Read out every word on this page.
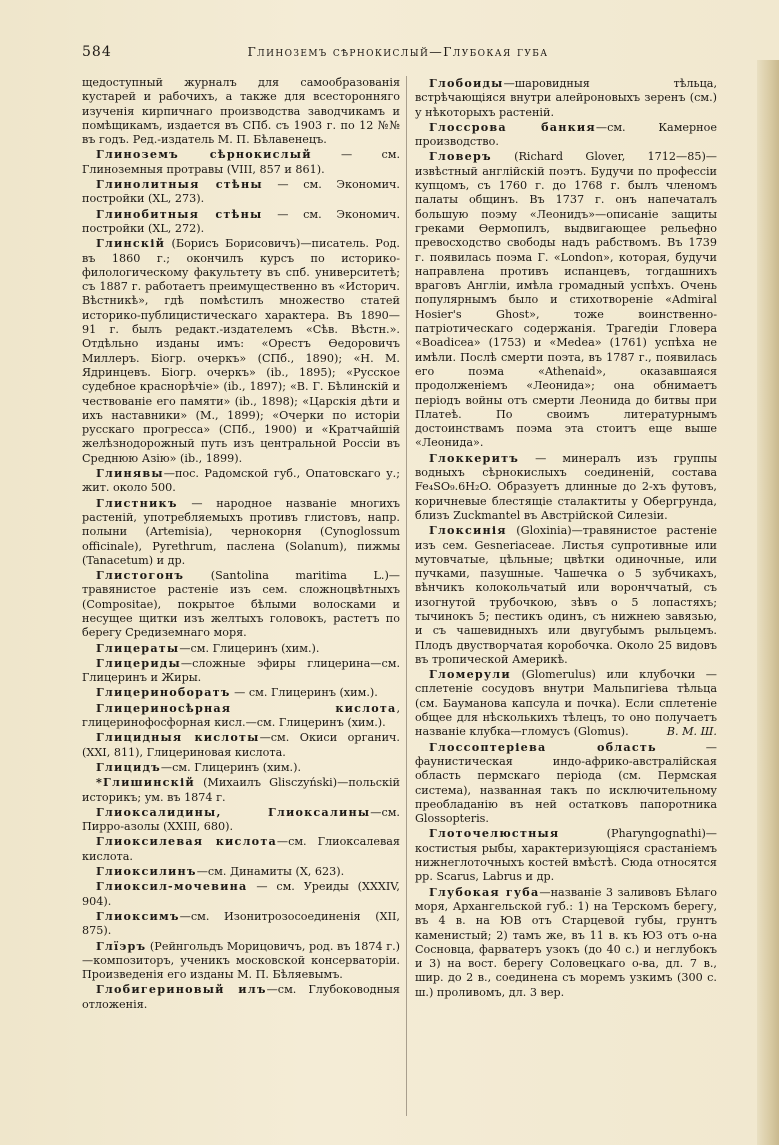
584	Глиноземъ сѣрнокислый—Глубокая губа

щедоступный журналъ для самообразованія кустарей и рабочихъ, а также для всесторонняго изученія кирпичнаго производства заводчикамъ и помѣщикамъ, издается въ СПб. съ 1903 г. по 12 №№ въ годъ. Ред.-издатель М. П. Бѣлавенецъ.

Глиноземъ сѣрнокислый — см. Глиноземныя протравы (VIII, 857 и 861).

Глинолитныя стѣны — см. Экономич. постройки (XL, 273).

Глинобитныя стѣны — см. Экономич. постройки (XL, 272).

Глинскій (Борисъ Борисовичъ)—писатель. Род. въ 1860 г.; окончилъ курсъ по историко-филологическому факультету въ спб. университетѣ; съ 1887 г. работаетъ преимущественно въ «Историч. Вѣстникѣ», гдѣ помѣстилъ множество статей историко-публицистическаго характера. Въ 1890—91 г. былъ редакт.-издателемъ «Сѣв. Вѣстн.». Отдѣльно изданы имъ: «Орестъ Ѳедоровичъ Миллеръ. Біогр. очеркъ» (СПб., 1890); «Н. М. Ядринцевъ. Біогр. очеркъ» (ib., 1895); «Русское судебное краснорѣчіе» (ib., 1897); «В. Г. Бѣлинскій и чествованіе его памяти» (ib., 1898); «Царскія дѣти и ихъ наставники» (М., 1899); «Очерки по исторіи русскаго прогресса» (СПб., 1900) и «Кратчайшій желѣзнодорожный путь изъ центральной Россіи въ Среднюю Азію» (ib., 1899).

Глинявы—пос. Радомской губ., Опатовскаго у.; жит. около 500.

Глистникъ — народное названіе многихъ растеній, употребляемыхъ противъ глистовъ, напр. полыни (Artemisia), чернокорня (Cynoglossum officinale), Pyrethrum, паслена (Solanum), пижмы (Tanacetum) и др.

Глистогонъ (Santolina maritima L.)—травянистое растеніе изъ сем. сложноцвѣтныхъ (Compositae), покрытое бѣлыми волосками и несущее щитки изъ желтыхъ головокъ, растетъ по берегу Средиземнаго моря.

Глицераты—см. Глицеринъ (хим.).

Глицериды—сложные эфиры глицерина—см. Глицеринъ и Жиры.

Глицериноборатъ — см. Глицеринъ (хим.).

Глицериносѣрная кислота, глицеринофосфорная кисл.—см. Глицеринъ (хим.).

Глицидныя кислоты—см. Окиси органич. (XXI, 811), Глицериновая кислота.

Глицидъ—см. Глицеринъ (хим.).

*Глишинскій (Михаилъ Glisczyński)—польскій историкъ; ум. въ 1874 г.

Глиоксалидины, Глиоксалины—см. Пирро-азолы (XXIII, 680).

Глиоксилевая кислота—см. Глиоксалевая кислота.

Глиоксилинъ—см. Динамиты (X, 623).

Глиоксил-мочевина — см. Уреиды (XXXIV, 904).

Глиоксимъ—см. Изонитрозосоединенія (XII, 875).

Глїэръ (Рейнгольдъ Морицовичъ, род. въ 1874 г.)—композиторъ, ученикъ московской консерваторіи. Произведенія его изданы М. П. Бѣляевымъ.

Глобигериновый илъ—см. Глубоководныя отложенія.

Глобоиды—шаровидныя тѣльца, встрѣчающіяся внутри алейроновыхъ зеренъ (см.) у нѣкоторыхъ растеній.

Глоссрова банкия—см. Камерное производство.

Гловеръ (Richard Glover, 1712—85)—извѣстный англійскій поэтъ. Будучи по профессіи купцомъ, съ 1760 г. до 1768 г. былъ членомъ палаты общинъ. Въ 1737 г. онъ напечаталъ большую поэму «Леонидъ»—описаніе защиты греками Ѳермопилъ, выдвигающее рельефно превосходство свободы надъ рабствомъ. Въ 1739 г. появилась поэма Г. «London», которая, будучи направлена противъ испанцевъ, тогдашнихъ враговъ Англіи, имѣла громадный успѣхъ. Очень популярнымъ было и стихотвореніе «Admiral Hosier's Ghost», тоже воинственно-патріотическаго содержанія. Трагедіи Гловера «Boadicea» (1753) и «Medea» (1761) успѣха не имѣли. Послѣ смерти поэта, въ 1787 г., появилась его поэма «Athenaid», оказавшаяся продолженіемъ «Леонида»; она обнимаетъ періодъ войны отъ смерти Леонида до битвы при Платеѣ. По своимъ литературнымъ достоинствамъ поэма эта стоитъ еще выше «Леонида».

Глоккеритъ — минералъ изъ группы водныхъ сѣрнокислыхъ соединеній, состава Fe₄SO₉.6H₂O. Образуетъ длинные до 2-хъ футовъ, коричневые блестящіе сталактиты у Обергрунда, близъ Zuckmantel въ Австрійской Силезіи.

Глоксинія (Gloxinia)—травянистое растеніе изъ сем. Gesneriaceae. Листья супротивные или мутовчатые, цѣльные; цвѣтки одиночные, или пучками, пазушные. Чашечка о 5 зубчикахъ, вѣнчикъ колокольчатый или воронччатый, съ изогнутой трубочкою, зѣвъ о 5 лопастяхъ; тычинокъ 5; пестикъ одинъ, съ нижнею завязью, и съ чашевидныхъ или двугубымъ рыльцемъ. Плодъ двустворчатая коробочка. Около 25 видовъ въ тропической Америкѣ.

Гломерули (Glomerulus) или клубочки — сплетеніе сосудовъ внутри Мальпигіева тѣльца (см. Бауманова капсула и почка). Если сплетеніе общее для нѣсколькихъ тѣлецъ, то оно получаетъ названіе клубка—гломусъ (Glomus).	В. М. Ш.

Глоссоптеріева область — фаунистическая индо-африко-австралійская область пермскаго періода (см. Пермская система), названная такъ по исключительному преобладанію въ ней остатковъ папоротника Glossopteris.

Глоточелюстныя (Pharyngognathi)—костистыя рыбы, характеризующіяся срастаніемъ нижнеглоточныхъ костей вмѣстѣ. Сюда относятся рр. Scarus, Labrus и др.

Глубокая губа—названіе 3 заливовъ Бѣлаго моря, Архангельской губ.: 1) на Терскомъ берегу, въ 4 в. на ЮВ отъ Старцевой губы, грунтъ каменистый; 2) тамъ же, въ 11 в. къ ЮЗ отъ о-на Сосновца, фарватеръ узокъ (до 40 с.) и неглубокъ и 3) на вост. берегу Соловецкаго о-ва, дл. 7 в., шир. до 2 в., соединена съ моремъ узкимъ (300 с. ш.) проливомъ, дл. 3 вер.
